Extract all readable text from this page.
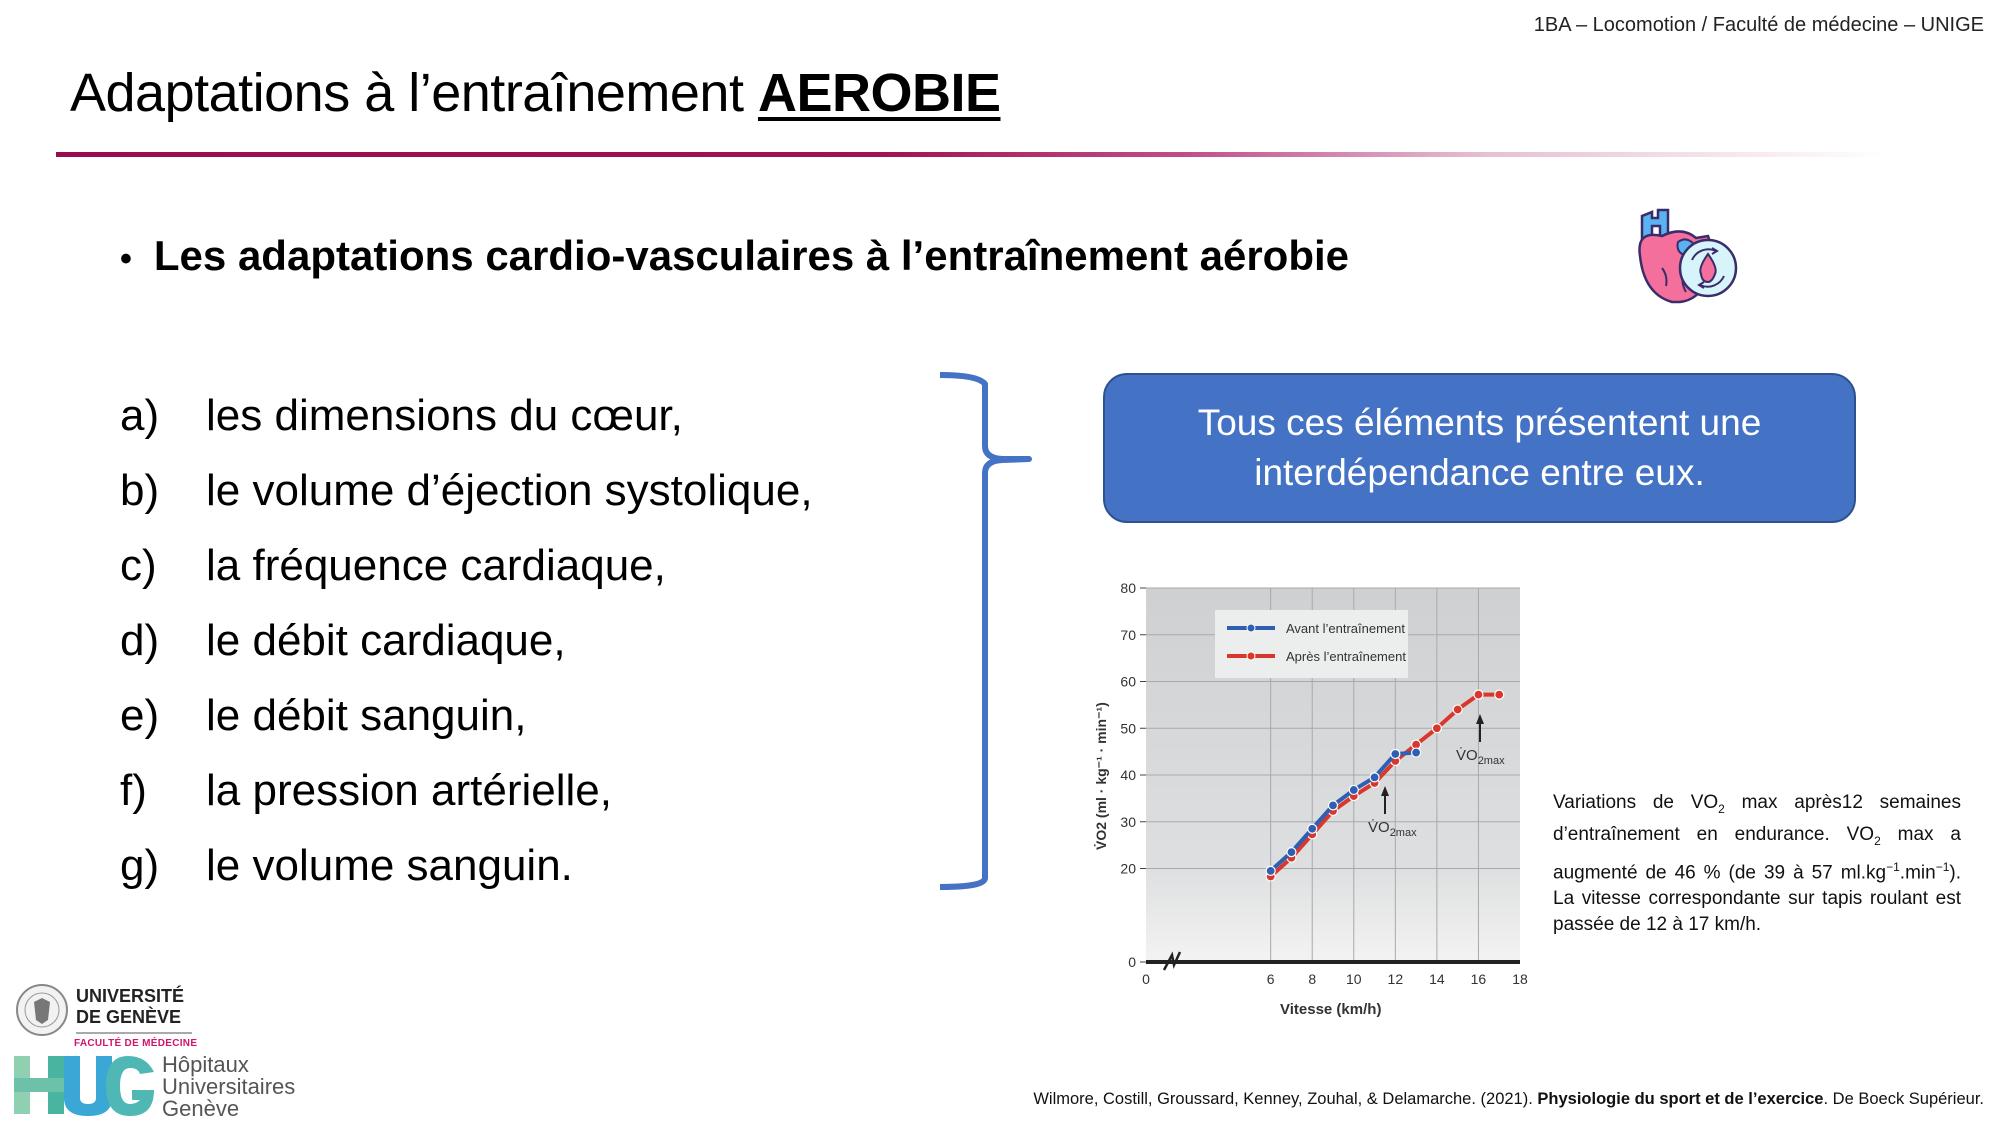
1BA – Locomotion / Faculté de médecine – UNIGE
Adaptations à l’entraînement AEROBIE
• Les adaptations cardio-vasculaires à l’entraînement aérobie
a)	les dimensions du cœur,
b)	le volume d’éjection systolique,
c)	la fréquence cardiaque,
d)	le débit cardiaque,
e)	le débit sanguin,
f)	la pression artérielle,
g)	le volume sanguin.
Tous ces éléments présentent une
interdépendance entre eux.
0
20
30
40
50
60
70
80
0	6 8 10 12 14 16 18
Avant l’entraînement
Après l’entraînement
$V̇O_{2max}$
$V̇O_{2max}$
Vitesse (km/h)
V̇O2 (ml · kg⁻¹ · min⁻¹)	Variations de $VO_2$ max après12 semaines d’entraînement en endurance. $VO_2$ max a augmenté de 46 % (de 39 à 57 $ml.kg^{-1}.\min^{-1}$). La vitesse correspondante sur tapis roulant est passée de 12 à 17 km/h.
Wilmore, Costill, Groussard, Kenney, Zouhal, & Delamarche. (2021). Physiologie du sport et de l’exercice. De Boeck Supérieur.
UNIVERSITÉ
DE GENÈVE
FACULTÉ DE MÉDECINE
Hôpitaux
Universitaires
Genève
